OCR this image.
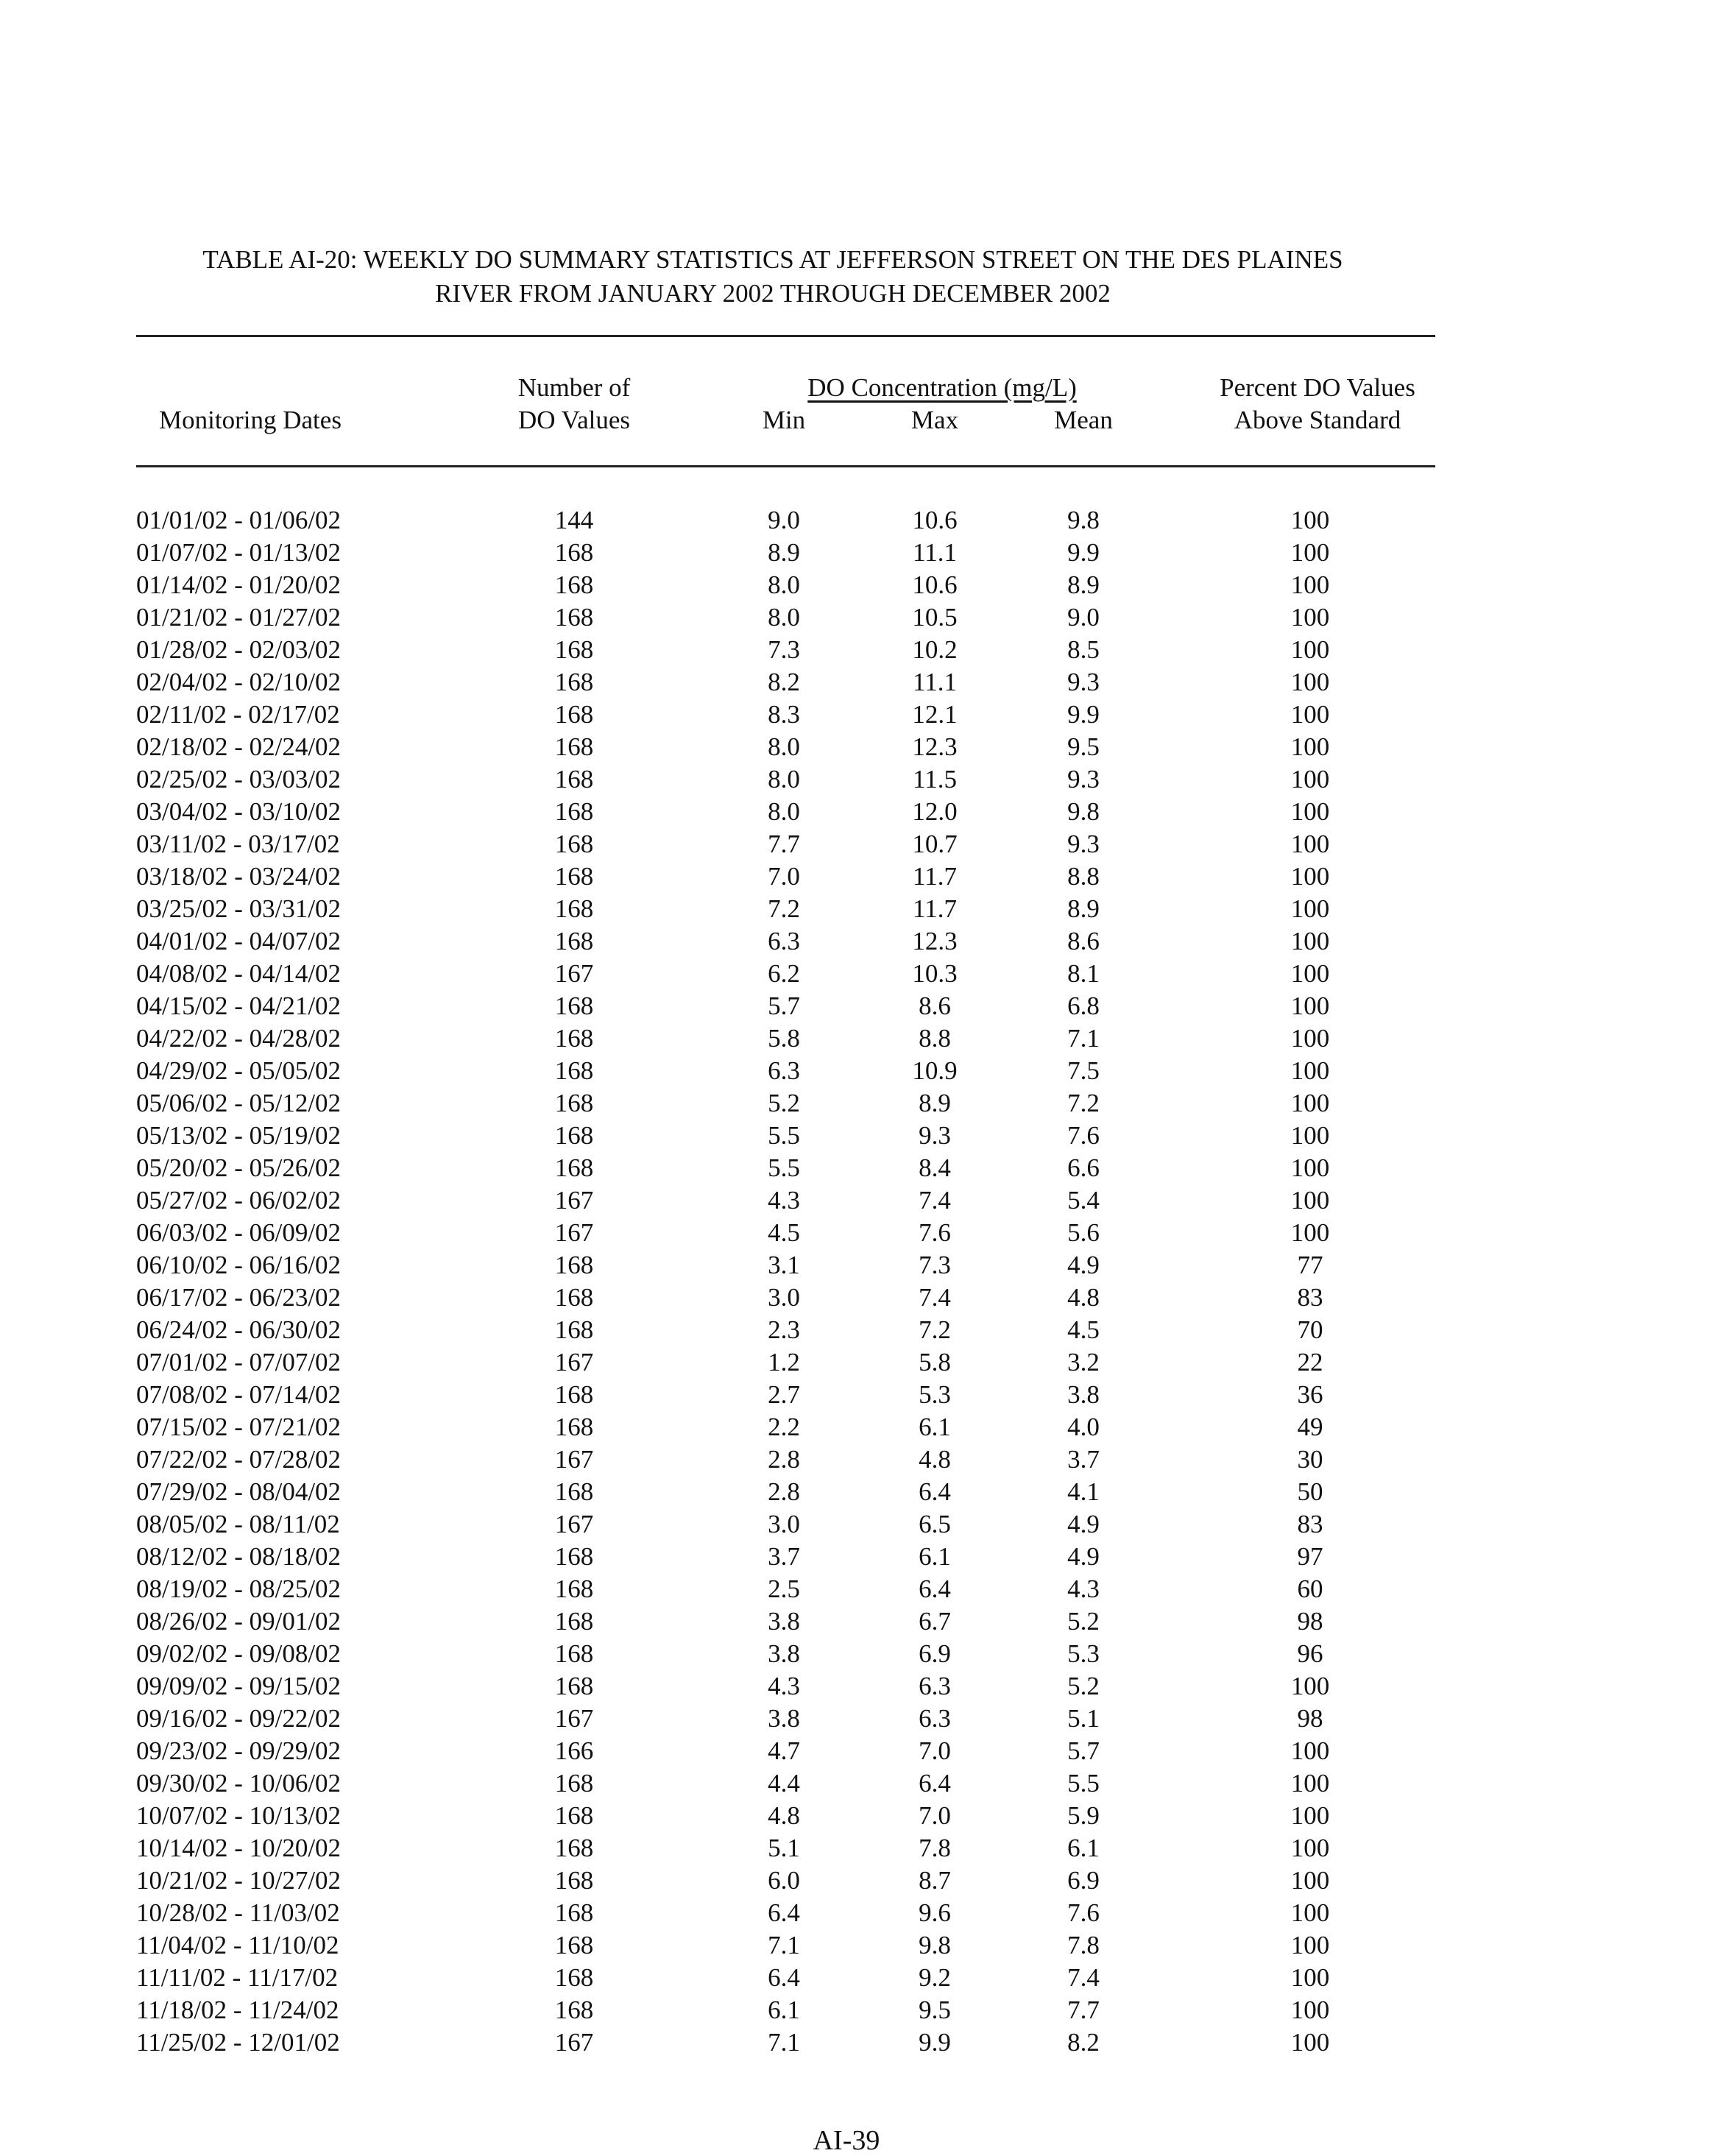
TABLE AI-20: WEEKLY DO SUMMARY STATISTICS AT JEFFERSON STREET ON THE DES PLAINES
RIVER FROM JANUARY 2002 THROUGH DECEMBER 2002
Number of
DO Values
DO Concentration (mg/L)
Min	Max	Mean
Monitoring Dates
Percent DO Values
Above Standard
01/01/02 - 01/06/02	144	9.0	10.6	9.8	100
01/07/02 - 01/13/02	168	8.9	11.1	9.9	100
01/14/02 - 01/20/02	168	8.0	10.6	8.9	100
01/21/02 - 01/27/02	168	8.0	10.5	9.0	100
01/28/02 - 02/03/02	168	7.3	10.2	8.5	100
02/04/02 - 02/10/02	168	8.2	11.1	9.3	100
02/11/02 - 02/17/02	168	8.3	12.1	9.9	100
02/18/02 - 02/24/02	168	8.0	12.3	9.5	100
02/25/02 - 03/03/02	168	8.0	11.5	9.3	100
03/04/02 - 03/10/02	168	8.0	12.0	9.8	100
03/11/02 - 03/17/02	168	7.7	10.7	9.3	100
03/18/02 - 03/24/02	168	7.0	11.7	8.8	100
03/25/02 - 03/31/02	168	7.2	11.7	8.9	100
04/01/02 - 04/07/02	168	6.3	12.3	8.6	100
04/08/02 - 04/14/02	167	6.2	10.3	8.1	100
04/15/02 - 04/21/02	168	5.7	8.6	6.8	100
04/22/02 - 04/28/02	168	5.8	8.8	7.1	100
04/29/02 - 05/05/02	168	6.3	10.9	7.5	100
05/06/02 - 05/12/02	168	5.2	8.9	7.2	100
05/13/02 - 05/19/02	168	5.5	9.3	7.6	100
05/20/02 - 05/26/02	168	5.5	8.4	6.6	100
05/27/02 - 06/02/02	167	4.3	7.4	5.4	100
06/03/02 - 06/09/02	167	4.5	7.6	5.6	100
06/10/02 - 06/16/02	168	3.1	7.3	4.9	77
06/17/02 - 06/23/02	168	3.0	7.4	4.8	83
06/24/02 - 06/30/02	168	2.3	7.2	4.5	70
07/01/02 - 07/07/02	167	1.2	5.8	3.2	22
07/08/02 - 07/14/02	168	2.7	5.3	3.8	36
07/15/02 - 07/21/02	168	2.2	6.1	4.0	49
07/22/02 - 07/28/02	167	2.8	4.8	3.7	30
07/29/02 - 08/04/02	168	2.8	6.4	4.1	50
08/05/02 - 08/11/02	167	3.0	6.5	4.9	83
08/12/02 - 08/18/02	168	3.7	6.1	4.9	97
08/19/02 - 08/25/02	168	2.5	6.4	4.3	60
08/26/02 - 09/01/02	168	3.8	6.7	5.2	98
09/02/02 - 09/08/02	168	3.8	6.9	5.3	96
09/09/02 - 09/15/02	168	4.3	6.3	5.2	100
09/16/02 - 09/22/02	167	3.8	6.3	5.1	98
09/23/02 - 09/29/02	166	4.7	7.0	5.7	100
09/30/02 - 10/06/02	168	4.4	6.4	5.5	100
10/07/02 - 10/13/02	168	4.8	7.0	5.9	100
10/14/02 - 10/20/02	168	5.1	7.8	6.1	100
10/21/02 - 10/27/02	168	6.0	8.7	6.9	100
10/28/02 - 11/03/02	168	6.4	9.6	7.6	100
11/04/02 - 11/10/02	168	7.1	9.8	7.8	100
11/11/02 - 11/17/02	168	6.4	9.2	7.4	100
11/18/02 - 11/24/02	168	6.1	9.5	7.7	100
11/25/02 - 12/01/02	167	7.1	9.9	8.2	100
AI-39
